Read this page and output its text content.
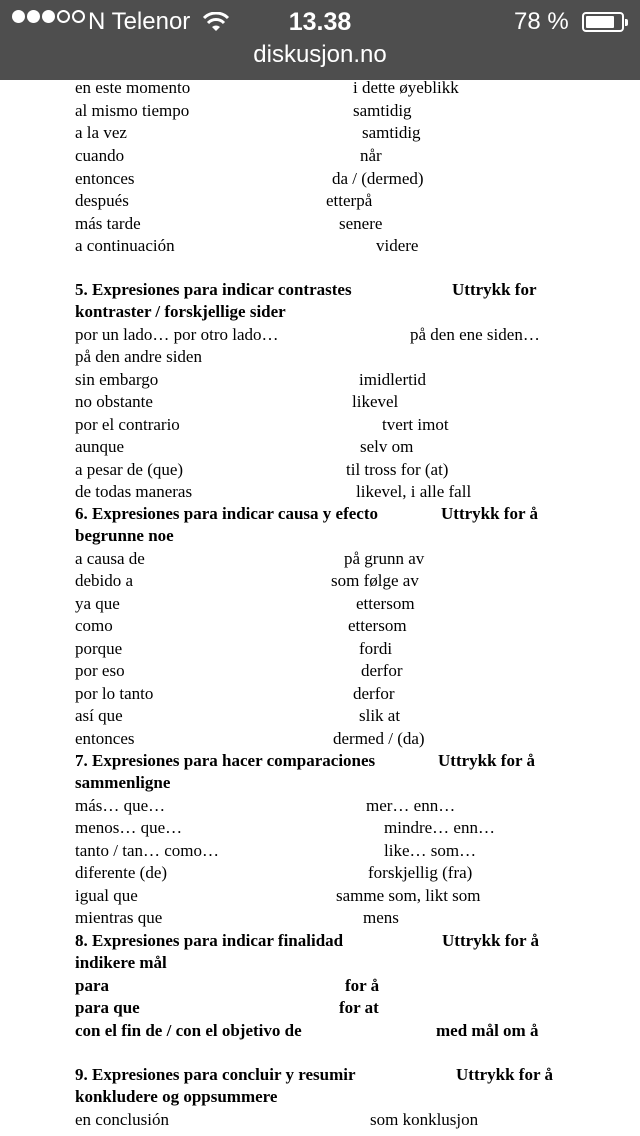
N Telenor	13.38	78 %
diskusjon.no
en este momento	i dette øyeblikk
al mismo tiempo	samtidig
a la vez	samtidig
cuando	når
entonces	da / (dermed)
después	etterpå
más tarde	senere
a continuación	videre
5. Expresiones para indicar contrastes	Uttrykk for
kontraster / forskjellige sider
por un lado… por otro lado…	på den ene siden…
på den andre siden
sin embargo	imidlertid
no obstante	likevel
por el contrario	tvert imot
aunque	selv om
a pesar de (que)	til tross for (at)
de todas maneras	likevel, i alle fall
6. Expresiones para indicar causa y efecto	Uttrykk for å
begrunne noe
a causa de	på grunn av
debido a	som følge av
ya que	ettersom
como	ettersom
porque	fordi
por eso	derfor
por lo tanto	derfor
así que	slik at
entonces	dermed / (da)
7. Expresiones para hacer comparaciones	Uttrykk for å
sammenligne
más… que…	mer… enn…
menos… que…	mindre… enn…
tanto / tan… como…	like… som…
diferente (de)	forskjellig (fra)
igual que	samme som, likt som
mientras que	mens
8. Expresiones para indicar finalidad	Uttrykk for å
indikere mål
para	for å
para que	for at
con el fin de / con el objetivo de	med mål om å
9. Expresiones para concluir y resumir	Uttrykk for å
konkludere og oppsummere
en conclusión	som konklusjon
